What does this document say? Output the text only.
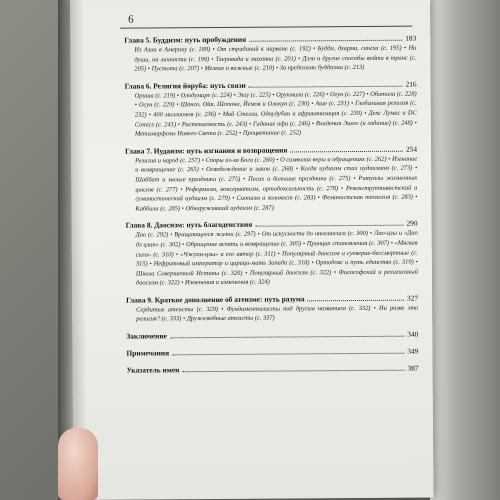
6
Глава 5. Буддизм: путь пробуждения	183
Из Азии в Америку (с. 189) • От страданий к нирване (с. 192) • Будда, дхарма, сангха (с. 195) • Ни души, ни личности (с. 199) • Тхеравада и махаяна (с. 201) • Дзэн и другие способы войти в транс (с. 205) • Пустота (с. 207) • Мелкие и важные (с. 210) • За пределами буддизма (с. 213)
Глава 6. Религия йоруба: путь связи	216
Ориша (с. 219) • Олодумаре (с. 224) • Эшу (с. 225) • Орунмила (с. 226) • Огун (с. 227) • Обатала (с. 228) • Осун (с. 229) • Шанго, Ойя, Шопона, Йемоя и Олокун (с. 230) • Аше (с. 231) • Глобальная религия (с. 232) • 400 миллионов (с. 236) • Май Стелла, Одоудубан и африканизация (с. 239) • Дехс Лумас и DC Comics (с. 241) • Растекаемость (с. 243) • Гадание ифа (с. 246) • Владения Эшоо (и гадание) (с. 248) • Метаморфозы Нового Света (с. 252) • Процветание (с. 252)
Глава 7. Иудаизм: путь изгнания и возвращения	254
Религия и народ (с. 257) • Споры из-за Бога (с. 260) • О символах веры и обращениях (с. 262) • Изгнание и возвращение (с. 265) • Освобождение и закон (с. 268) • Когда иудаизм стал иудаизмом (с. 273) • Шаббат и малые праздники (с. 275) • Песах и большие праздники (с. 275) • Ритуалы жизненных циклов (с. 277) • Реформизм, консерватизм, ортодоксальность (с. 278) • Реконструктивистский и гуманистический иудаизм (с. 279) • Сионизм и холокост (с. 283) • Феминистская теология (с. 283) • Каббала (с. 285) • Обнаруживший иудаизм (с. 287)
Глава 8. Даосизм: путь благоденствия	290
Дао (с. 292) • Вращающееся жизни (с. 297) • От искусности до иноонисиса (с. 300) • Лао-цзы и «Дао дэ цзин» (с. 302) • Обращение вспять и возвращение (с. 305) • Принцип становления (с. 307) • «Мягкая сила» (с. 310) • «Чжуан-цзы» и его автор (с. 311) • Популярный даосизм и суеверие-бессмертные (с. 315) • Нефритовый император и царица-мать Запада (с. 318) • Ортодокс и путь единства (с. 319) • Школа Совершенной Истины (с. 320) • Популярный даосизм (с. 322) • Философский и религиозный даосизм (с. 322) • Изменения и изменения (с. 324)
Глава 9. Краткое дополнение об атеизме: путь разума	327
Сердитые атеисты (с. 329) • Фундаменталисты под другим названием (с. 332) • Ни разве это религия? (с. 333) • Дружелюбные атеисты (с. 337)
Заключение	340
Примечания	349
Указатель имен	387
